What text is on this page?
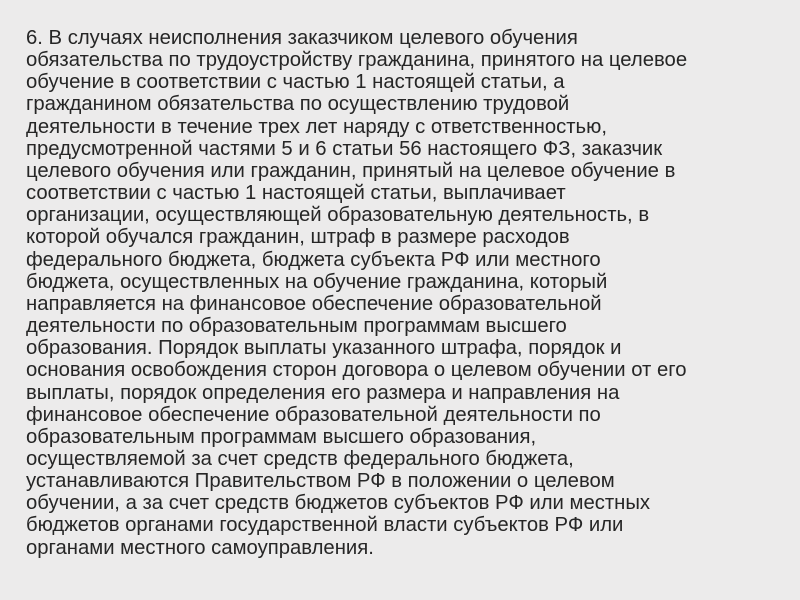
6. В случаях неисполнения заказчиком целевого обучения
обязательства по трудоустройству гражданина, принятого на целевое
обучение в соответствии с частью 1 настоящей статьи, а
гражданином обязательства по осуществлению трудовой
деятельности в течение трех лет наряду с ответственностью,
предусмотренной частями 5 и 6 статьи 56 настоящего ФЗ, заказчик
целевого обучения или гражданин, принятый на целевое обучение в
соответствии с частью 1 настоящей статьи, выплачивает
организации, осуществляющей образовательную деятельность, в
которой обучался гражданин, штраф в размере расходов
федерального бюджета, бюджета субъекта РФ или местного
бюджета, осуществленных на обучение гражданина, который
направляется на финансовое обеспечение образовательной
деятельности по образовательным программам высшего
образования. Порядок выплаты указанного штрафа, порядок и
основания освобождения сторон договора о целевом обучении от его
выплаты, порядок определения его размера и направления на
финансовое обеспечение образовательной деятельности по
образовательным программам высшего образования,
осуществляемой за счет средств федерального бюджета,
устанавливаются Правительством РФ в положении о целевом
обучении, а за счет средств бюджетов субъектов РФ или местных
бюджетов органами государственной власти субъектов РФ или
органами местного самоуправления.
